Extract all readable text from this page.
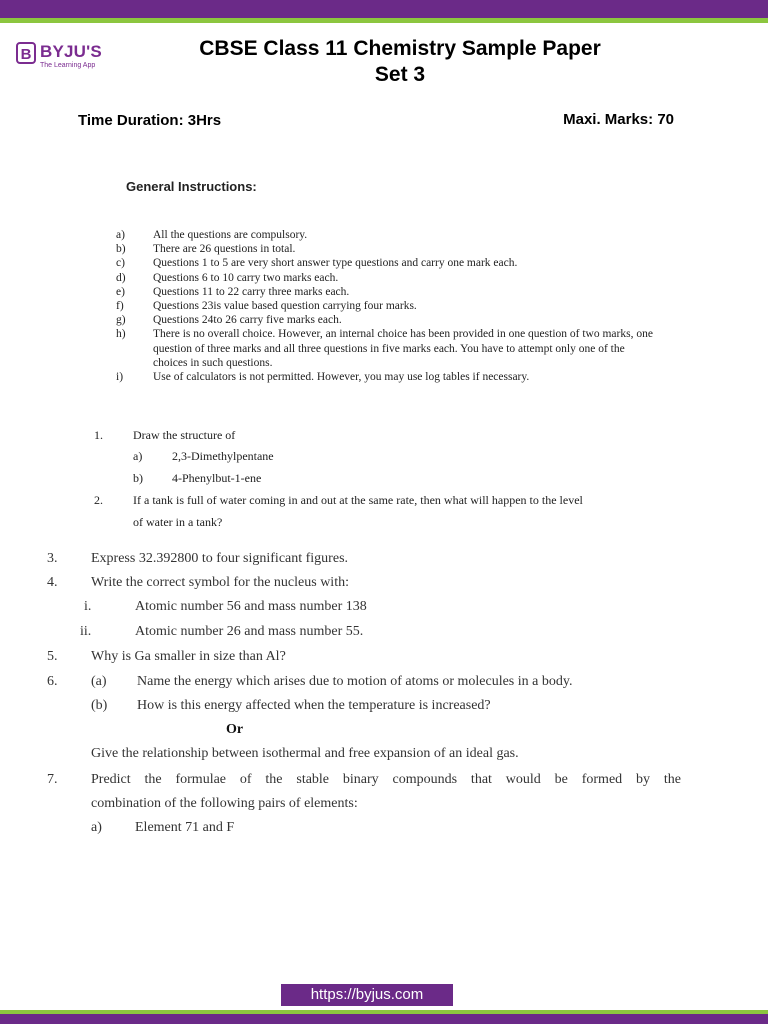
B BYJU'S
The Learning App
CBSE Class 11 Chemistry Sample Paper
Set 3
Time Duration: 3Hrs	Maxi. Marks: 70
General Instructions:
a)	All the questions are compulsory.
b)	There are 26 questions in total.
c)	Questions 1 to 5 are very short answer type questions and carry one mark each.
d)	Questions 6 to 10 carry two marks each.
e)	Questions 11 to 22 carry three marks each.
f)	Questions 23is value based question carrying four marks.
g)	Questions 24to 26 carry five marks each.
h)	There is no overall choice. However, an internal choice has been provided in one question of two marks, one question of three marks and all three questions in five marks each. You have to attempt only one of the choices in such questions.
i)	Use of calculators is not permitted. However, you may use log tables if necessary.
1.	Draw the structure of
a) 2,3-Dimethylpentane
b) 4-Phenylbut-1-ene
2.	If a tank is full of water coming in and out at the same rate, then what will happen to the level
of water in a tank?
3. Express 32.392800 to four significant figures.
4. Write the correct symbol for the nucleus with:
i.	Atomic number 56 and mass number 138
ii.	Atomic number 26 and mass number 55.
5. Why is Ga smaller in size than Al?
6. (a) Name the energy which arises due to motion of atoms or molecules in a body.
(b) How is this energy affected when the temperature is increased?
Or
Give the relationship between isothermal and free expansion of an ideal gas.
7. Predict the formulae of the stable binary compounds that would be formed by the
combination of the following pairs of elements:
a) Element 71 and F
https://byjus.com
